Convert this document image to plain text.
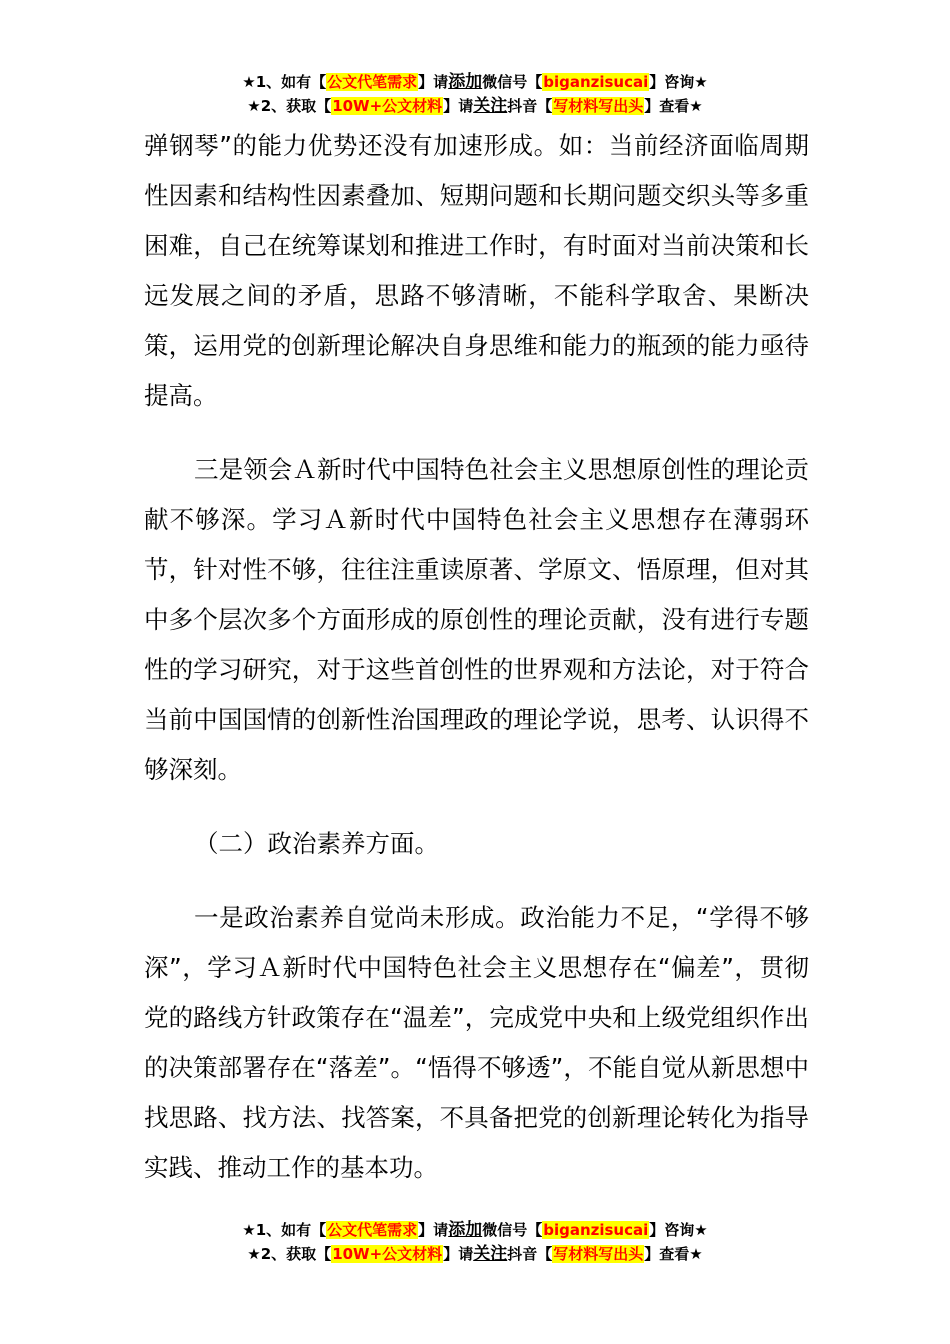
★1、如有【公文代笔需求】请添加微信号【biganzisucai】咨询★
★2、获取【10W+公文材料】请关注抖音【写材料写出头】查看★

弹钢琴”的能力优势还没有加速形成。如：当前经济面临周期性因素和结构性因素叠加、短期问题和长期问题交织头等多重困难，自己在统筹谋划和推进工作时，有时面对当前决策和长远发展之间的矛盾，思路不够清晰，不能科学取舍、果断决策，运用党的创新理论解决自身思维和能力的瓶颈的能力亟待提高。

三是领会Ａ新时代中国特色社会主义思想原创性的理论贡献不够深。学习Ａ新时代中国特色社会主义思想存在薄弱环节，针对性不够，往往注重读原著、学原文、悟原理，但对其中多个层次多个方面形成的原创性的理论贡献，没有进行专题性的学习研究，对于这些首创性的世界观和方法论，对于符合当前中国国情的创新性治国理政的理论学说，思考、认识得不够深刻。

（二）政治素养方面。

一是政治素养自觉尚未形成。政治能力不足，“学得不够深”，学习Ａ新时代中国特色社会主义思想存在“偏差”，贯彻党的路线方针政策存在“温差”，完成党中央和上级党组织作出的决策部署存在“落差”。“悟得不够透”，不能自觉从新思想中找思路、找方法、找答案，不具备把党的创新理论转化为指导实践、推动工作的基本功。

★1、如有【公文代笔需求】请添加微信号【biganzisucai】咨询★
★2、获取【10W+公文材料】请关注抖音【写材料写出头】查看★
